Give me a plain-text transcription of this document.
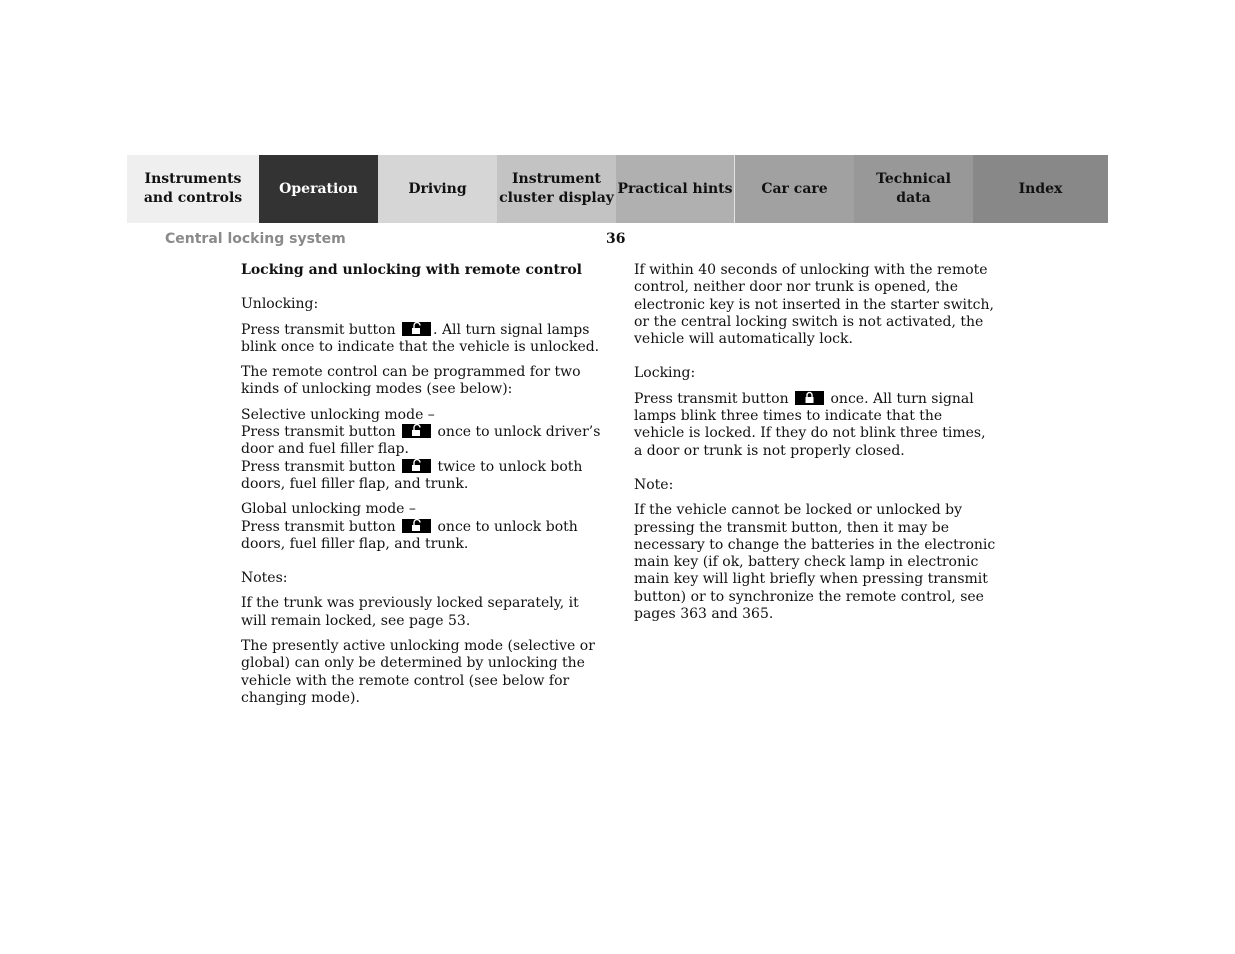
Instruments
and controls
Operation	Driving
Instrument
cluster display
Practical hints Car care
Technical
data
Index
Central locking system	36

Locking and unlocking with remote control

Unlocking:

Press transmit button
. All turn signal lamps blink once to indicate that the vehicle is unlocked.

The remote control can be programmed for two kinds of unlocking modes (see below):

Selective unlocking mode –

Press transmit button
once to unlock driver’s door and fuel filler flap.

Press transmit button
twice to unlock both doors, fuel filler flap, and trunk.

Global unlocking mode –

Press transmit button
once to unlock both doors, fuel filler flap, and trunk.

Notes:

If the trunk was previously locked separately, it will remain locked, see page 53.

The presently active unlocking mode (selective or global) can only be determined by unlocking the vehicle with the remote control (see below for changing mode).

If within 40 seconds of unlocking with the remote control, neither door nor trunk is opened, the electronic key is not inserted in the starter switch, or the central locking switch is not activated, the vehicle will automatically lock.

Locking:

Press transmit button
once. All turn signal lamps blink three times to indicate that the vehicle is locked. If they do not blink three times, a door or trunk is not properly closed.

Note:

If the vehicle cannot be locked or unlocked by pressing the transmit button, then it may be necessary to change the batteries in the electronic main key (if ok, battery check lamp in electronic main key will light briefly when pressing transmit button) or to synchronize the remote control, see pages 363 and 365.
